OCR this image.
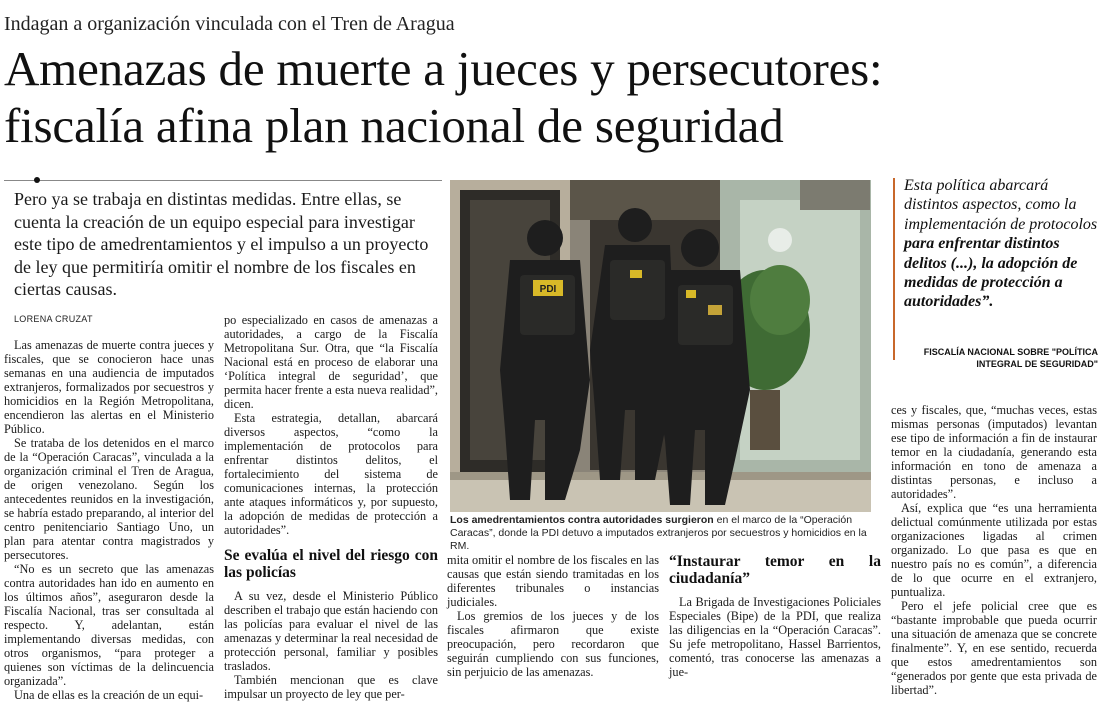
Indagan a organización vinculada con el Tren de Aragua
Amenazas de muerte a jueces y persecutores:
fiscalía afina plan nacional de seguridad
Pero ya se trabaja en distintas medidas. Entre ellas, se cuenta la creación de un equipo especial para investigar este tipo de amedrentamientos y el impulso a un proyecto de ley que permitiría omitir el nombre de los fiscales en ciertas causas.
LORENA CRUZAT

Las amenazas de muerte contra jueces y fiscales, que se conocieron hace unas semanas en una audiencia de imputados extranjeros, formalizados por secuestros y homicidios en la Región Metropolitana, encendieron las alertas en el Ministerio Público.

Se trataba de los detenidos en el marco de la “Operación Caracas”, vinculada a la organización criminal el Tren de Aragua, de origen venezolano. Según los antecedentes reunidos en la investigación, se habría estado preparando, al interior del centro penitenciario Santiago Uno, un plan para atentar contra magistrados y persecutores.

“No es un secreto que las amenazas contra autoridades han ido en aumento en los últimos años”, aseguraron desde la Fiscalía Nacional, tras ser consultada al respecto. Y, adelantan, están implementando diversas medidas, con otros organismos, “para proteger a quienes son víctimas de la delincuencia organizada”.

Una de ellas es la creación de un equi-

po especializado en casos de amenazas a autoridades, a cargo de la Fiscalía Metropolitana Sur. Otra, que “la Fiscalía Nacional está en proceso de elaborar una ‘Política integral de seguridad’, que permita hacer frente a esta nueva realidad”, dicen.

Esta estrategia, detallan, abarcará diversos aspectos, “como la implementación de protocolos para enfrentar distintos delitos, el fortalecimiento del sistema de comunicaciones internas, la protección ante ataques informáticos y, por supuesto, la adopción de medidas de protección a autoridades”.

Se evalúa el nivel del riesgo con las policías

A su vez, desde el Ministerio Público describen el trabajo que están haciendo con las policías para evaluar el nivel de las amenazas y determinar la real necesidad de protección personal, familiar y posibles traslados.

También mencionan que es clave impulsar un proyecto de ley que per-

PDI
Los amedrentamientos contra autoridades surgieron en el marco de la “Operación Caracas”, donde la PDI detuvo a imputados extranjeros por secuestros y homicidios en la RM.

mita omitir el nombre de los fiscales en las causas que están siendo tramitadas en los diferentes tribunales o instancias judiciales.

Los gremios de los jueces y de los fiscales afirmaron que existe preocupación, pero recordaron que seguirán cumpliendo con sus funciones, sin perjuicio de las amenazas.

“Instaurar temor en la ciudadanía”

La Brigada de Investigaciones Policiales Especiales (Bipe) de la PDI, que realiza las diligencias en la “Operación Caracas”. Su jefe metropolitano, Hassel Barrientos, comentó, tras conocerse las amenazas a jue-

Esta política abarcará distintos aspectos, como la implementación de protocolos para enfrentar distintos delitos (...), la adopción de medidas de protección a autoridades”.
FISCALÍA NACIONAL SOBRE "POLÍTICA INTEGRAL DE SEGURIDAD"

ces y fiscales, que, “muchas veces, estas mismas personas (imputados) levantan ese tipo de información a fin de instaurar temor en la ciudadanía, generando esta información en tono de amenaza a distintas personas, e incluso a autoridades”.

Así, explica que “es una herramienta delictual comúnmente utilizada por estas organizaciones ligadas al crimen organizado. Lo que pasa es que en nuestro país no es común”, a diferencia de lo que ocurre en el extranjero, puntualiza.

Pero el jefe policial cree que es “bastante improbable que pueda ocurrir una situación de amenaza que se concrete finalmente”. Y, en ese sentido, recuerda que estos amedrentamientos son “generados por gente que esta privada de libertad”.
